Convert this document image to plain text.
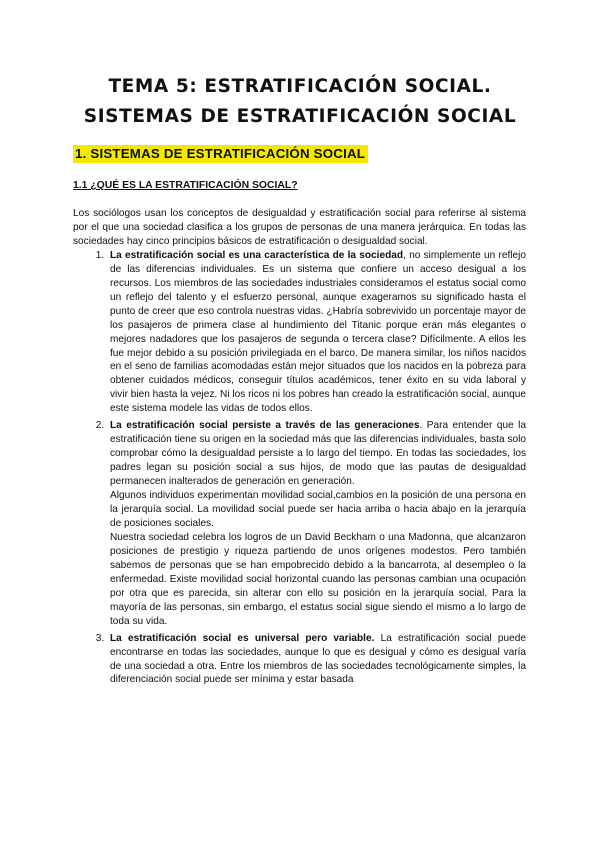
TEMA 5: ESTRATIFICACIÓN SOCIAL.
SISTEMAS DE ESTRATIFICACIÓN SOCIAL
1. SISTEMAS DE ESTRATIFICACIÓN SOCIAL
1.1 ¿QUÉ ES LA ESTRATIFICACIÓN SOCIAL?

Los sociólogos usan los conceptos de desigualdad y estratificación social para referirse al sistema por el que una sociedad clasifica a los grupos de personas de una manera jerárquica. En todas las sociedades hay cinco principios básicos de estratificación o desigualdad social.

1. La estratificación social es una característica de la sociedad, no simplemente un reflejo de las diferencias individuales. Es un sistema que confiere un acceso desigual a los recursos. Los miembros de las sociedades industriales consideramos el estatus social como un reflejo del talento y el esfuerzo personal, aunque exageramos su significado hasta el punto de creer que eso controla nuestras vidas. ¿Habría sobrevivido un porcentaje mayor de los pasajeros de primera clase al hundimiento del Titanic porque eran más elegantes o mejores nadadores que los pasajeros de segunda o tercera clase? Difícilmente. A ellos les fue mejor debido a su posición privilegiada en el barco. De manera similar, los niños nacidos en el seno de familias acomodadas están mejor situados que los nacidos en la pobreza para obtener cuidados médicos, conseguir títulos académicos, tener éxito en su vida laboral y vivir bien hasta la vejez. Ni los ricos ni los pobres han creado la estratificación social, aunque este sistema modele las vidas de todos ellos.

2. La estratificación social persiste a través de las generaciones. Para entender que la estratificación tiene su origen en la sociedad más que las diferencias individuales, basta solo comprobar cómo la desigualdad persiste a lo largo del tiempo. En todas las sociedades, los padres legan su posición social a sus hijos, de modo que las pautas de desigualdad permanecen inalterados de generación en generación.

Algunos individuos experimentan movilidad social,cambios en la posición de una persona en la jerarquía social. La movilidad social puede ser hacia arriba o hacia abajo en la jerarquía de posiciones sociales.

Nuestra sociedad celebra los logros de un David Beckham o una Madonna, que alcanzaron posiciones de prestigio y riqueza partiendo de unos orígenes modestos. Pero también sabemos de personas que se han empobrecido debido a la bancarrota, al desempleo o la enfermedad. Existe movilidad social horizontal cuando las personas cambian una ocupación por otra que es parecida, sin alterar con ello su posición en la jerarquía social. Para la mayoría de las personas, sin embargo, el estatus social sigue siendo el mismo a lo largo de toda su vida.

3. La estratificación social es universal pero variable. La estratificación social puede encontrarse en todas las sociedades, aunque lo que es desigual y cómo es desigual varía de una sociedad a otra. Entre los miembros de las sociedades tecnológicamente simples, la diferenciación social puede ser mínima y estar basada
